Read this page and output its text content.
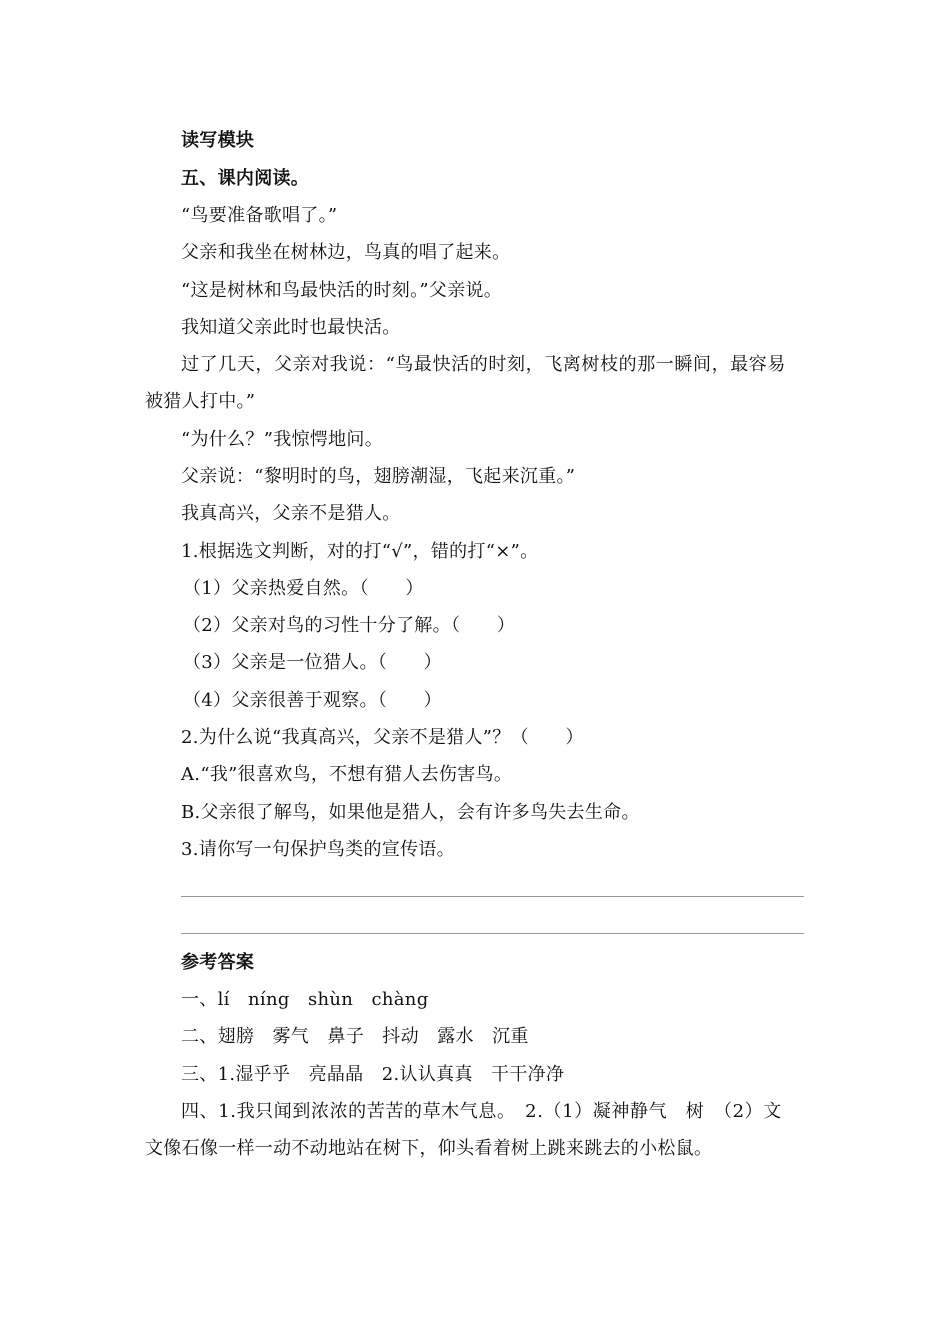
读写模块
五、课内阅读。
“鸟要准备歌唱了。”
父亲和我坐在树林边，鸟真的唱了起来。
“这是树林和鸟最快活的时刻。”父亲说。
我知道父亲此时也最快活。
过了几天，父亲对我说：“鸟最快活的时刻，飞离树枝的那一瞬间，最容易
被猎人打中。”
“为什么？”我惊愕地问。
父亲说：“黎明时的鸟，翅膀潮湿，飞起来沉重。”
我真高兴，父亲不是猎人。
1.根据选文判断，对的打“√”，错的打“×”。
（1）父亲热爱自然。（　　）
（2）父亲对鸟的习性十分了解。（　　）
（3）父亲是一位猎人。（　　）
（4）父亲很善于观察。（　　）
2.为什么说“我真高兴，父亲不是猎人”？（　　）
A.“我”很喜欢鸟，不想有猎人去伤害鸟。
B.父亲很了解鸟，如果他是猎人，会有许多鸟失去生命。
3.请你写一句保护鸟类的宣传语。
参考答案
一、lí　níng　shùn　chàng
二、翅膀　雾气　鼻子　抖动　露水　沉重
三、1.湿乎乎　亮晶晶　2.认认真真　干干净净
四、1.我只闻到浓浓的苦苦的草木气息。　2.（1）凝神静气　树　（2）文
文像石像一样一动不动地站在树下，仰头看着树上跳来跳去的小松鼠。
